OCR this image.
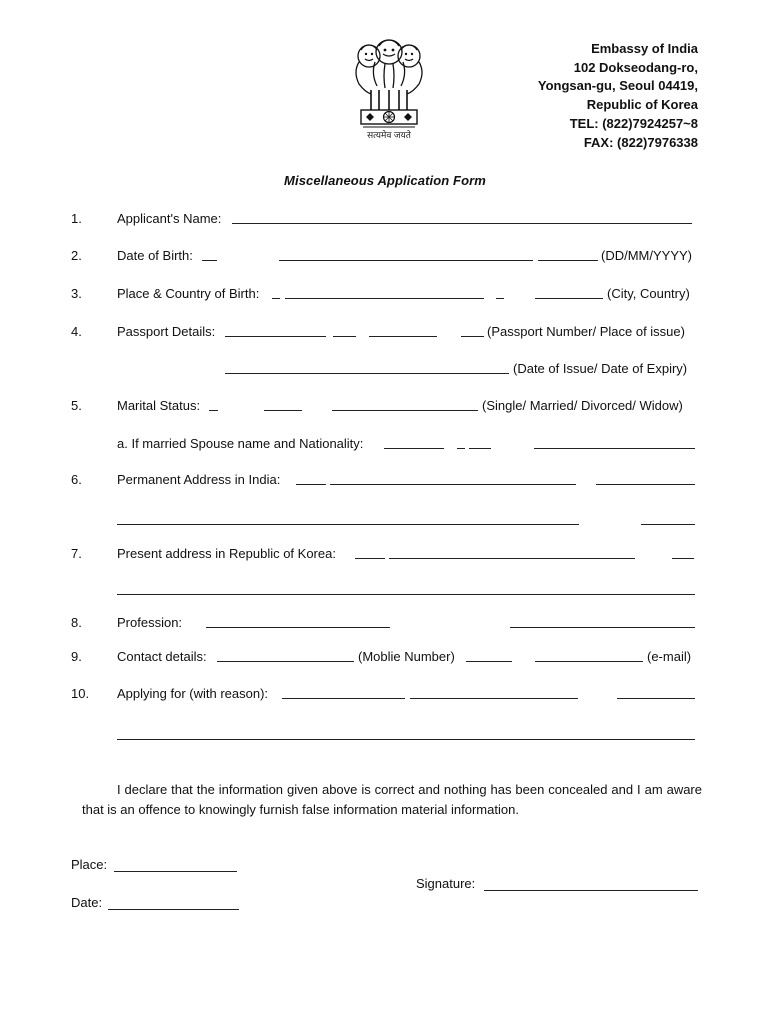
सत्यमेव जयते
Embassy of India
102 Dokseodang-ro,
Yongsan-gu, Seoul 04419,
Republic of Korea
TEL: (822)7924257~8
FAX: (822)7976338
Miscellaneous Application Form
1.	Applicant's Name:
2.	Date of Birth:	(DD/MM/YYYY)
3.	Place & Country of Birth:	(City, Country)
4.	Passport Details:	(Passport Number/ Place of issue)
(Date of Issue/ Date of Expiry)
5.	Marital Status:	(Single/ Married/ Divorced/ Widow)
a. If married Spouse name and Nationality:
6.	Permanent Address in India:
7.	Present address in Republic of Korea:
8.	Profession:
9.	Contact details:	(Moblie Number)	(e-mail)
10. Applying for (with reason):
I declare that the information given above is correct and nothing has been concealed and I am aware that is an offence to knowingly furnish false information material information.
Place:
Signature:
Date:
